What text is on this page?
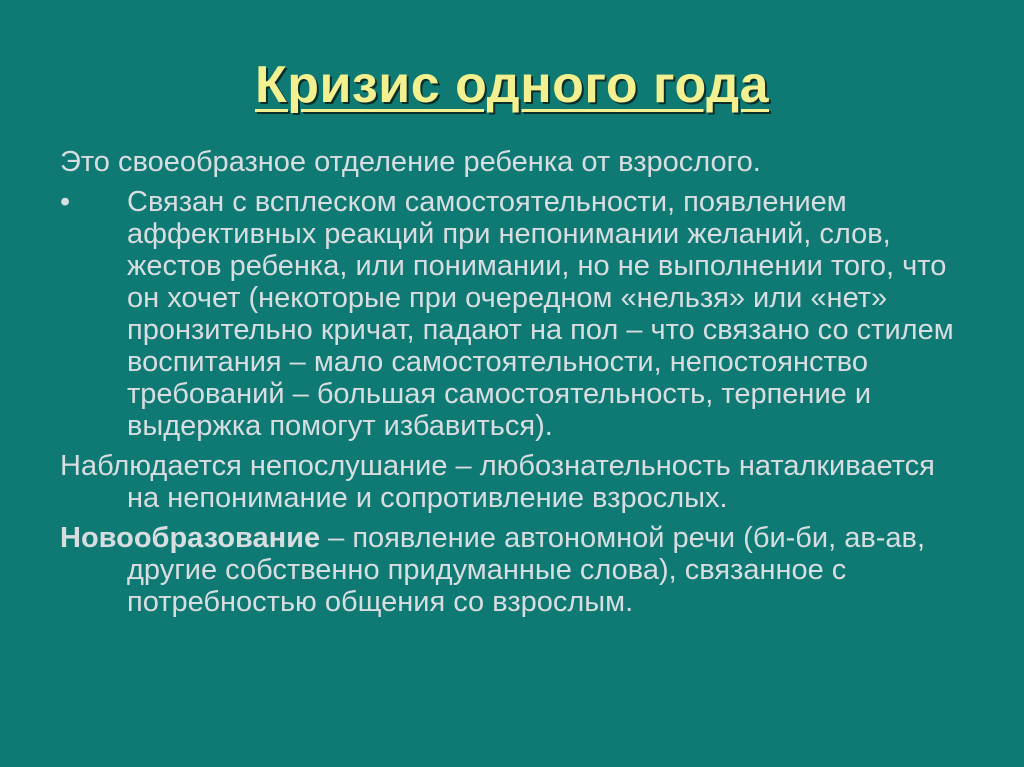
Кризис одного года

Это своеобразное отделение ребенка от взрослого.

•	Связан с всплеском самостоятельности, появлением аффективных реакций при непонимании желаний, слов, жестов ребенка, или понимании, но не выполнении того, что он хочет (некоторые при очередном «нельзя» или «нет» пронзительно кричат, падают на пол – что связано со стилем воспитания – мало самостоятельности, непостоянство требований – большая самостоятельность, терпение и выдержка помогут избавиться).

Наблюдается непослушание – любознательность наталкивается на непонимание и сопротивление взрослых.

Новообразование – появление автономной речи (би-би, ав-ав, другие собственно придуманные слова), связанное с потребностью общения со взрослым.
